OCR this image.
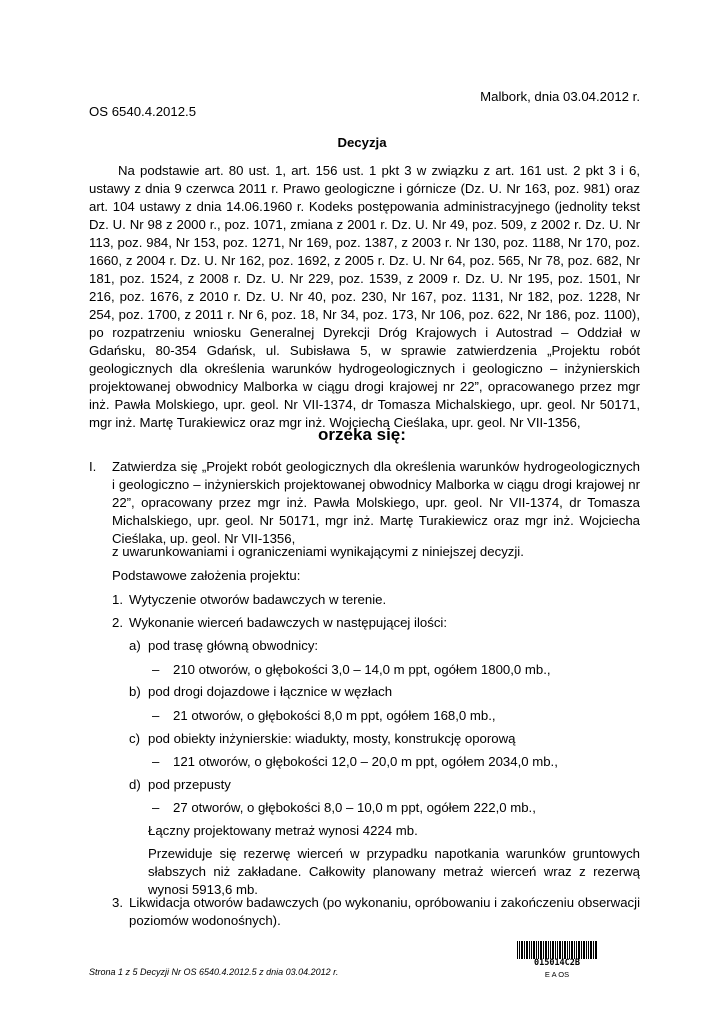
Malbork, dnia 03.04.2012 r.
OS 6540.4.2012.5
Decyzja
Na podstawie art. 80 ust. 1, art. 156 ust. 1 pkt 3 w związku z art. 161 ust. 2 pkt 3 i 6, ustawy z dnia 9 czerwca 2011 r. Prawo geologiczne i górnicze (Dz. U. Nr 163, poz. 981) oraz art. 104 ustawy z dnia 14.06.1960 r. Kodeks postępowania administracyjnego (jednolity tekst Dz. U. Nr 98 z 2000 r., poz. 1071, zmiana z 2001 r. Dz. U. Nr 49, poz. 509, z 2002 r. Dz. U. Nr 113, poz. 984, Nr 153, poz. 1271, Nr 169, poz. 1387, z 2003 r. Nr 130, poz. 1188, Nr 170, poz. 1660, z 2004 r. Dz. U. Nr 162, poz. 1692, z 2005 r. Dz. U. Nr 64, poz. 565, Nr 78, poz. 682, Nr 181, poz. 1524, z 2008 r. Dz. U. Nr 229, poz. 1539, z 2009 r. Dz. U. Nr 195, poz. 1501, Nr 216, poz. 1676, z 2010 r. Dz. U. Nr 40, poz. 230, Nr 167, poz. 1131, Nr 182, poz. 1228, Nr 254, poz. 1700, z 2011 r. Nr 6, poz. 18, Nr 34, poz. 173, Nr 106, poz. 622, Nr 186, poz. 1100), po rozpatrzeniu wniosku Generalnej Dyrekcji Dróg Krajowych i Autostrad – Oddział w Gdańsku, 80-354 Gdańsk, ul. Subisława 5, w sprawie zatwierdzenia „Projektu robót geologicznych dla określenia warunków hydrogeologicznych i geologiczno – inżynierskich projektowanej obwodnicy Malborka w ciągu drogi krajowej nr 22”, opracowanego przez mgr inż. Pawła Molskiego, upr. geol. Nr VII-1374, dr Tomasza Michalskiego, upr. geol. Nr 50171, mgr inż. Martę Turakiewicz oraz mgr inż. Wojciecha Cieślaka, upr. geol. Nr VII-1356,
orzeka się:
I. Zatwierdza się „Projekt robót geologicznych dla określenia warunków hydrogeologicznych i geologiczno – inżynierskich projektowanej obwodnicy Malborka w ciągu drogi krajowej nr 22”, opracowany przez mgr inż. Pawła Molskiego, upr. geol. Nr VII-1374, dr Tomasza Michalskiego, upr. geol. Nr 50171, mgr inż. Martę Turakiewicz oraz mgr inż. Wojciecha Cieślaka, up. geol. Nr VII-1356,
z uwarunkowaniami i ograniczeniami wynikającymi z niniejszej decyzji.
Podstawowe założenia projektu:
1. Wytyczenie otworów badawczych w terenie.
2. Wykonanie wierceń badawczych w następującej ilości:
a) pod trasę główną obwodnicy:
– 210 otworów, o głębokości 3,0 – 14,0 m ppt, ogółem 1800,0 mb.,
b) pod drogi dojazdowe i łącznice w węzłach
– 21 otworów, o głębokości 8,0 m ppt, ogółem 168,0 mb.,
c) pod obiekty inżynierskie: wiadukty, mosty, konstrukcję oporową
– 121 otworów, o głębokości 12,0 – 20,0 m ppt, ogółem 2034,0 mb.,
d) pod przepusty
– 27 otworów, o głębokości 8,0 – 10,0 m ppt, ogółem 222,0 mb.,
Łączny projektowany metraż wynosi 4224 mb.
Przewiduje się rezerwę wierceń w przypadku napotkania warunków gruntowych słabszych niż zakładane. Całkowity planowany metraż wierceń wraz z rezerwą wynosi 5913,6 mb.
3. Likwidacja otworów badawczych (po wykonaniu, opróbowaniu i zakończeniu obserwacji poziomów wodonośnych).
Strona 1 z 5 Decyzji Nr OS 6540.4.2012.5 z dnia 03.04.2012 r.
015014C2B
E A OS
